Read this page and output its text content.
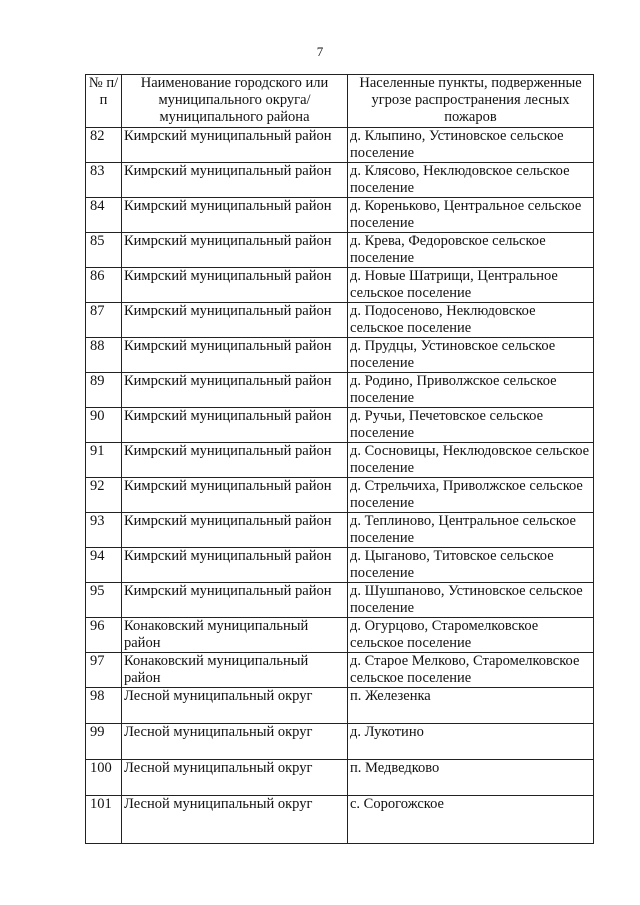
7
№ п/п	Наименование городского или муниципального округа/муниципального района	Населенные пункты, подверженные угрозе распространения лесных пожаров
82	Кимрский муниципальный район	д. Клыпино, Устиновское сельское поселение
83	Кимрский муниципальный район	д. Клясово, Неклюдовское сельское поселение
84	Кимрский муниципальный район	д. Кореньково, Центральное сельское поселение
85	Кимрский муниципальный район	д. Крева, Федоровское сельское поселение
86	Кимрский муниципальный район	д. Новые Шатрищи, Центральное сельское поселение
87	Кимрский муниципальный район	д. Подосеново, Неклюдовское сельское поселение
88	Кимрский муниципальный район	д. Прудцы, Устиновское сельское поселение
89	Кимрский муниципальный район	д. Родино, Приволжское сельское поселение
90	Кимрский муниципальный район	д. Ручьи, Печетовское сельское поселение
91	Кимрский муниципальный район	д. Сосновицы, Неклюдовское сельское поселение
92	Кимрский муниципальный район	д. Стрельчиха, Приволжское сельское поселение
93	Кимрский муниципальный район	д. Теплиново, Центральное сельское поселение
94	Кимрский муниципальный район	д. Цыганово, Титовское сельское поселение
95	Кимрский муниципальный район	д. Шушпаново, Устиновское сельское поселение
96	Конаковский муниципальный район	д. Огурцово, Старомелковское сельское поселение
97	Конаковский муниципальный район	д. Старое Мелково, Старомелковское сельское поселение
98	Лесной муниципальный округ	п. Железенка
99	Лесной муниципальный округ	д. Лукотино
100	Лесной муниципальный округ	п. Медведково
101	Лесной муниципальный округ	с. Сорогожское
